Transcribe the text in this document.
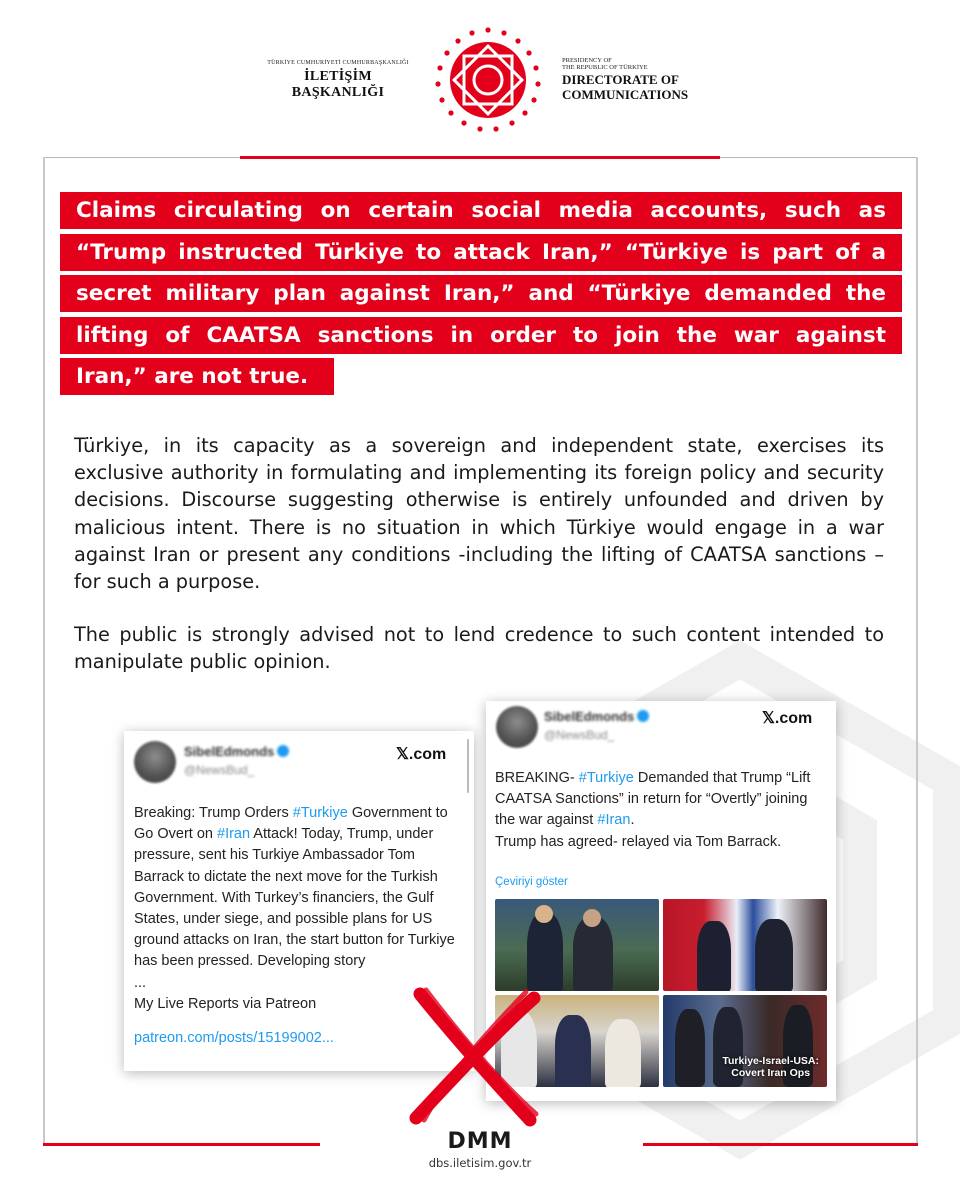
TÜRKİYE CUMHURİYETİ CUMHURBAŞKANLIĞI
İLETİŞİM BAŞKANLIĞI
PRESIDENCY OF
THE REPUBLIC OF TÜRKİYE
DIRECTORATE OF
COMMUNICATIONS
Claims circulating on certain social media accounts, such as
“Trump instructed Türkiye to attack Iran,” “Türkiye is part of a
secret military plan against Iran,” and “Türkiye demanded the
lifting of CAATSA sanctions in order to join the war against
Iran,” are not true.

Türkiye, in its capacity as a sovereign and independent state, exercises its exclusive authority in formulating and implementing its foreign policy and security decisions. Discourse suggesting otherwise is entirely unfounded and driven by malicious intent. There is no situation in which Türkiye would engage in a war against Iran or present any conditions -including the lifting of CAATSA sanctions – for such a purpose.

The public is strongly advised not to lend credence to such content intended to manipulate public opinion.

SibelEdmonds
@NewsBud_
𝕏.com
Breaking: Trump Orders #Turkiye Government to Go Overt on #Iran Attack! Today, Trump, under pressure, sent his Turkiye Ambassador Tom Barrack to dictate the next move for the Turkish Government. With Turkey’s financiers, the Gulf States, under siege, and possible plans for US ground attacks on Iran, the start button for Turkiye has been pressed. Developing story
...
My Live Reports via Patreon

patreon.com/posts/15199002...
SibelEdmonds
@NewsBud_
𝕏.com
BREAKING- #Turkiye Demanded that Trump “Lift CAATSA Sanctions” in return for “Overtly” joining the war against #Iran.
Trump has agreed- relayed via Tom Barrack.
Çeviriyi göster
Turkiye-Israel-USA:
Covert Iran Ops
DMM
dbs.iletisim.gov.tr
